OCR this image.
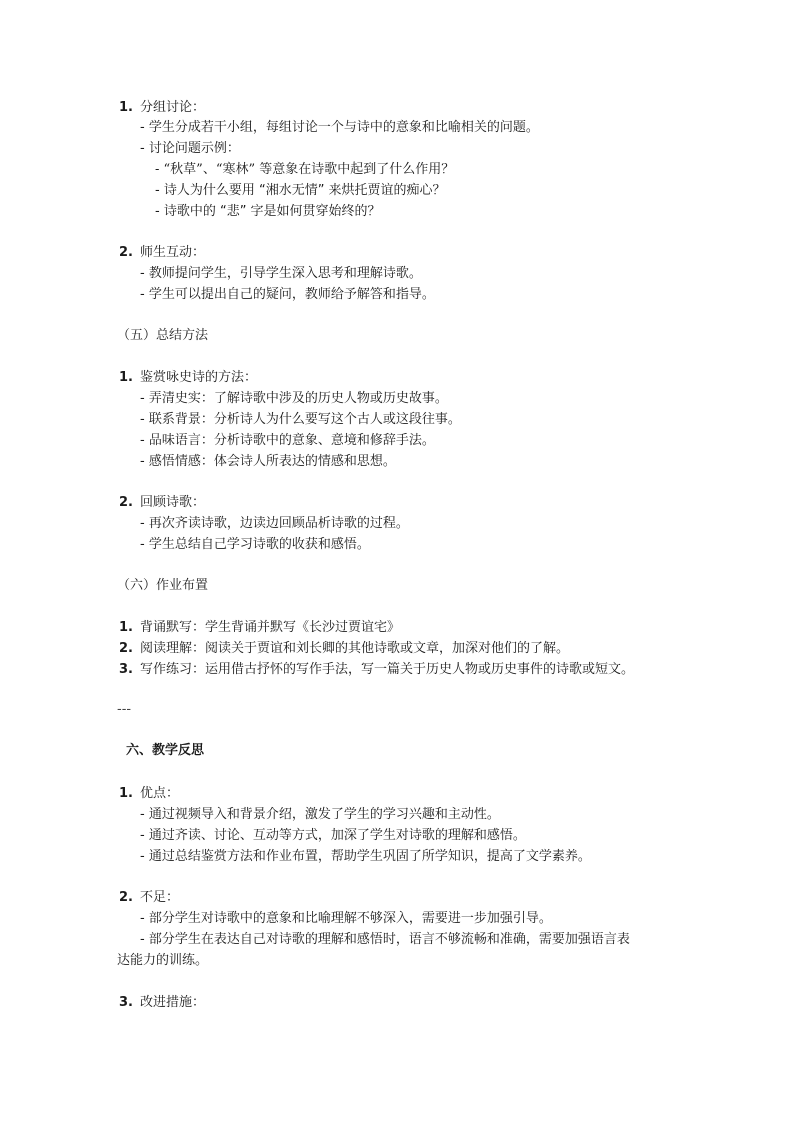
1. 分组讨论：
- 学生分成若干小组，每组讨论一个与诗中的意象和比喻相关的问题。
- 讨论问题示例：
- “秋草”、“寒林” 等意象在诗歌中起到了什么作用？
- 诗人为什么要用 “湘水无情” 来烘托贾谊的痴心？
- 诗歌中的 “悲” 字是如何贯穿始终的？
2. 师生互动：
- 教师提问学生，引导学生深入思考和理解诗歌。
- 学生可以提出自己的疑问，教师给予解答和指导。
（五）总结方法
1. 鉴赏咏史诗的方法：
- 弄清史实：了解诗歌中涉及的历史人物或历史故事。
- 联系背景：分析诗人为什么要写这个古人或这段往事。
- 品味语言：分析诗歌中的意象、意境和修辞手法。
- 感悟情感：体会诗人所表达的情感和思想。
2. 回顾诗歌：
- 再次齐读诗歌，边读边回顾品析诗歌的过程。
- 学生总结自己学习诗歌的收获和感悟。
（六）作业布置
1. 背诵默写：学生背诵并默写《长沙过贾谊宅》
2. 阅读理解：阅读关于贾谊和刘长卿的其他诗歌或文章，加深对他们的了解。
3. 写作练习：运用借古抒怀的写作手法，写一篇关于历史人物或历史事件的诗歌或短文。
---
六、教学反思
1. 优点：
- 通过视频导入和背景介绍，激发了学生的学习兴趣和主动性。
- 通过齐读、讨论、互动等方式，加深了学生对诗歌的理解和感悟。
- 通过总结鉴赏方法和作业布置，帮助学生巩固了所学知识，提高了文学素养。
2. 不足：
- 部分学生对诗歌中的意象和比喻理解不够深入，需要进一步加强引导。
- 部分学生在表达自己对诗歌的理解和感悟时，语言不够流畅和准确，需要加强语言表
达能力的训练。
3. 改进措施：
